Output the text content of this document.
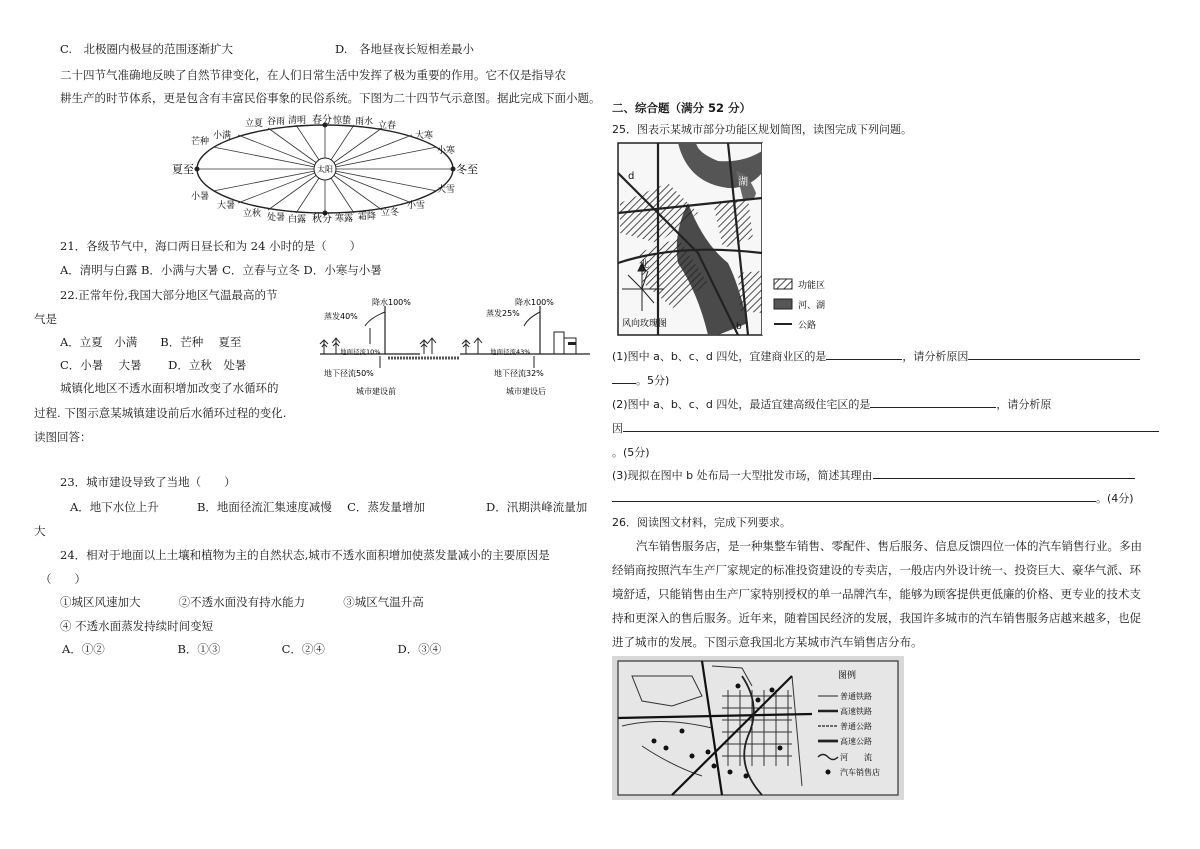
C.　北极圈内极昼的范围逐渐扩大	D.　各地昼夜长短相差最小
二十四节气准确地反映了自然节律变化，在人们日常生活中发挥了极为重要的作用。它不仅是指导农
耕生产的时节体系，更是包含有丰富民俗事象的民俗系统。下图为二十四节气示意图。据此完成下面小题。
太阳
夏至	冬至
春分
秋分
芒种
小暑
小寒
大雪
小满
立夏 谷雨 清明	惊蛰 雨水 立春
大寒
大暑
立秋 处暑 白露	寒露 霜降 立冬
小雪
21．各级节气中，海口两日昼长和为 24 小时的是（　　）
A．清明与白露 B．小满与大暑 C．立春与立冬 D．小寒与小暑
22.正常年份,我国大部分地区气温最高的节
气是
A．立夏　小满　　B．芒种　 夏至
C．小暑　 大暑　　 D．立秋　处暑
城镇化地区不透水面积增加改变了水循环的
过程. 下图示意某城镇建设前后水循环过程的变化.
读图回答：
降水100%
蒸发40%
地面径流10%
地下径流50%
城市建设前
降水100%
蒸发25%
地面径流43%
地下径流32%
城市建设后
23．城市建设导致了当地（　　）
A．地下水位上升　　　 B．地面径流汇集速度减慢　 C．蒸发量增加　　　　　 D．汛期洪峰流量加
大
24．相对于地面以上土壤和植物为主的自然状态,城市不透水面积增加使蒸发量减小的主要原因是
（　　）
①城区风速加大　　　 ②不透水面没有持水能力　　　 ③城区气温升高
④ 不透水面蒸发持续时间变短
A．①②　　　　　　 B．①③　　　　　 C．②④　　　　　　 D．③④
二、综合题（满分 52 分）
25．图表示某城市部分功能区规划简图，读图完成下列问题。
d
湖
b
北
风向玫瑰图
功能区
河、湖
公路
(1)图中 a、b、c、d 四处，宜建商业区的是	，请分析原因
。5分)
(2)图中 a、b、c、d 四处，最适宜建高级住宅区的是	，请分析原
因
。(5分)
(3)现拟在图中 b 处布局一大型批发市场，简述其理由
。(4分)
26．阅读图文材料，完成下列要求。
汽车销售服务店，是一种集整车销售、零配件、售后服务、信息反馈四位一体的汽车销售行业。多由
经销商按照汽车生产厂家规定的标准投资建设的专卖店，一般店内外设计统一、投资巨大、豪华气派、环
境舒适，只能销售由生产厂家特别授权的单一品牌汽车，能够为顾客提供更低廉的价格、更专业的技术支
持和更深入的售后服务。近年来，随着国民经济的发展，我国许多城市的汽车销售服务店越来越多，也促
进了城市的发展。下图示意我国北方某城市汽车销售店分布。
图例
普通铁路
高速铁路
普通公路
高速公路
河　　流
汽车销售店
